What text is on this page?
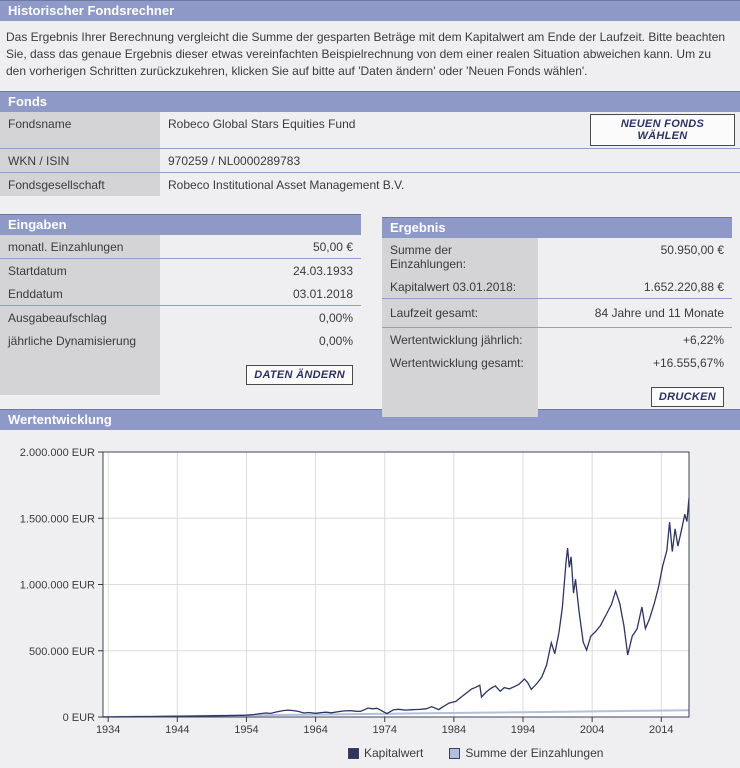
Historischer Fondsrechner

Das Ergebnis Ihrer Berechnung vergleicht die Summe der gesparten Beträge mit dem Kapitalwert am Ende der Laufzeit. Bitte beachten Sie, dass das genaue Ergebnis dieser etwas vereinfachten Beispielrechnung von dem einer realen Situation abweichen kann. Um zu den vorherigen Schritten zurückzukehren, klicken Sie auf bitte auf 'Daten ändern' oder 'Neuen Fonds wählen'.

Fonds
Fondsname	Robeco Global Stars Equities Fund	NEUEN FONDS WÄHLEN
WKN / ISIN	970259 / NL0000289783
Fondsgesellschaft	Robeco Institutional Asset Management B.V.
Eingaben
monatl. Einzahlungen	50,00 €
Startdatum	24.03.1933
Enddatum	03.01.2018
Ausgabeaufschlag	0,00%
jährliche Dynamisierung	0,00%
DATEN ÄNDERN
Ergebnis
Summe der Einzahlungen:
50.950,00 €
Kapitalwert 03.01.2018:	1.652.220,88 €
Laufzeit gesamt:	84 Jahre und 11 Monate
Wertentwicklung jährlich:	+6,22%
Wertentwicklung gesamt:	+16.555,67%
DRUCKEN
Wertentwicklung
2.000.000 EUR
1.500.000 EUR
1.000.000 EUR
500.000 EUR
0 EUR
1934	1944	1954	1964	1974	1984	1994	2004	2014
Kapitalwert	Summe der Einzahlungen
